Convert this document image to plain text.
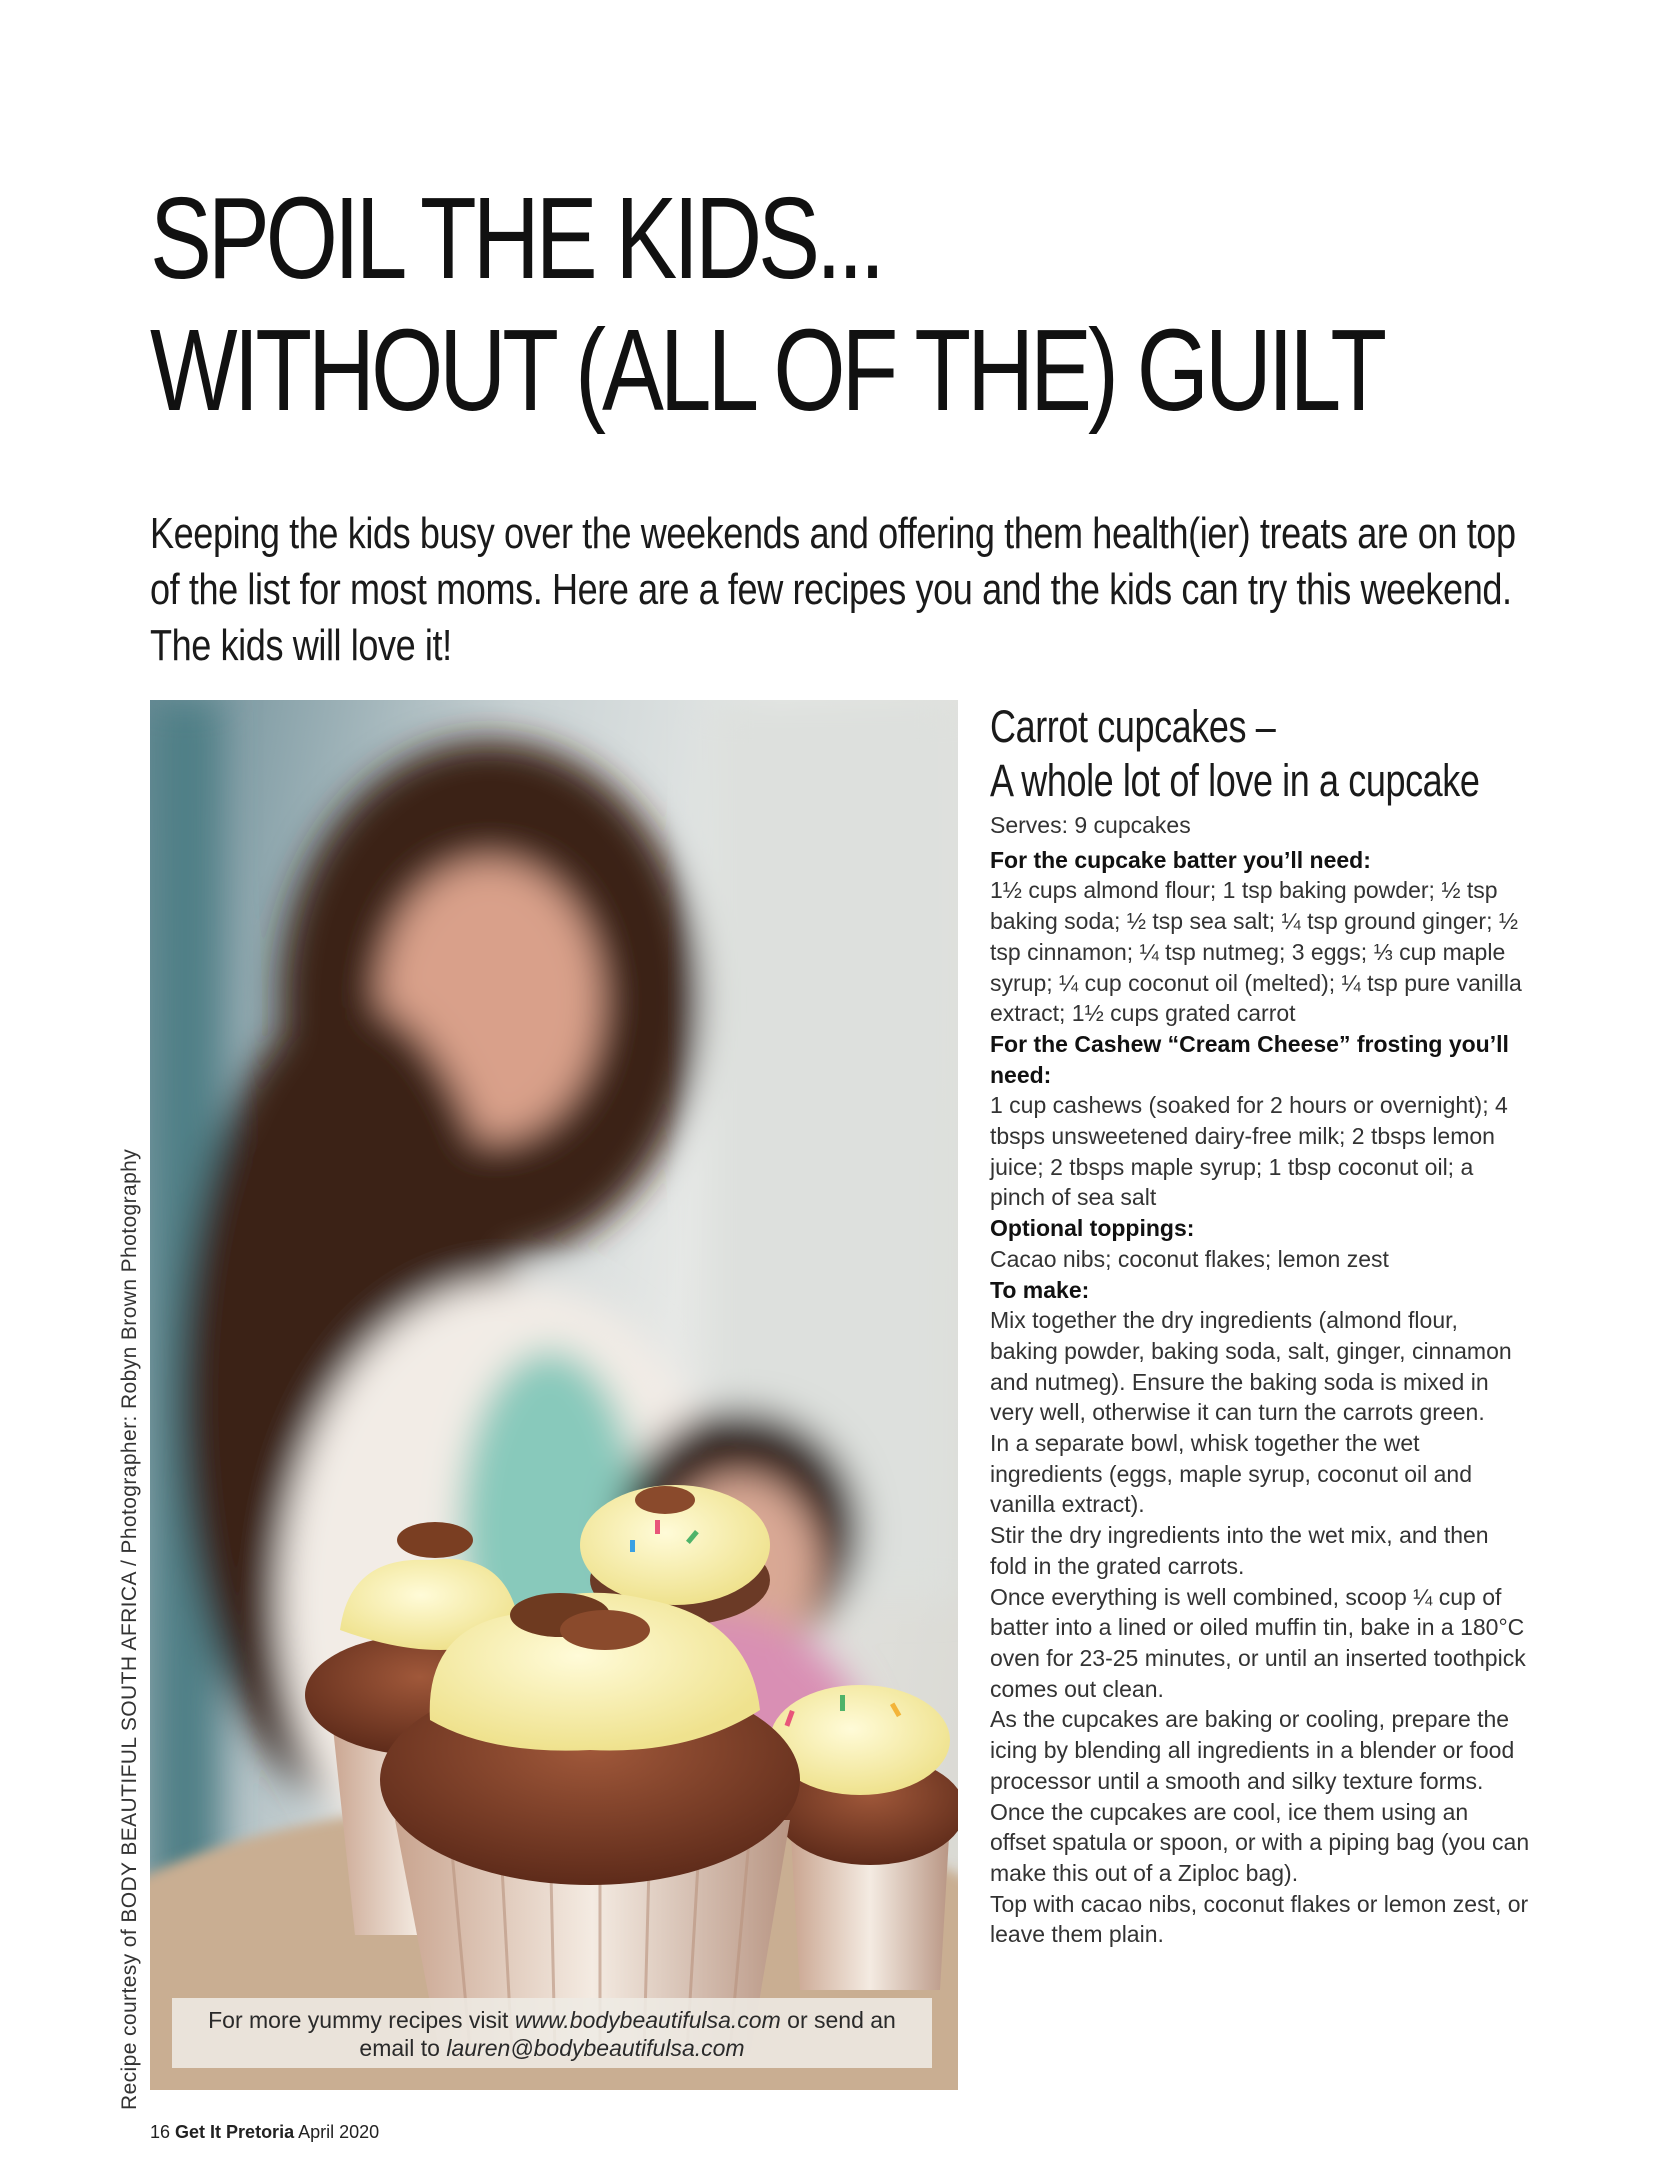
SPOIL THE KIDS...
WITHOUT (ALL OF THE) GUILT
Keeping the kids busy over the weekends and offering them health(ier) treats are on top
of the list for most moms. Here are a few recipes you and the kids can try this weekend.
The kids will love it!
Recipe courtesy of BODY BEAUTIFUL SOUTH AFRICA / Photographer: Robyn Brown Photography	For more yummy recipes visit www.bodybeautifulsa.com or send an
email to lauren@bodybeautifulsa.com
Carrot cupcakes –
A whole lot of love in a cupcake
Serves: 9 cupcakes
For the cupcake batter you’ll need:

1½ cups almond flour; 1 tsp baking powder; ½ tsp baking soda; ½ tsp sea salt; ¼ tsp ground ginger; ½ tsp cinnamon; ¼ tsp nutmeg; 3 eggs; ⅓ cup maple syrup; ¼ cup coconut oil (melted); ¼ tsp pure vanilla extract; 1½ cups grated carrot

For the Cashew “Cream Cheese” frosting you’ll need:

1 cup cashews (soaked for 2 hours or overnight); 4 tbsps unsweetened dairy-free milk; 2 tbsps lemon juice; 2 tbsps maple syrup; 1 tbsp coconut oil; a pinch of sea salt

Optional toppings:

Cacao nibs; coconut flakes; lemon zest

To make:

Mix together the dry ingredients (almond flour, baking powder, baking soda, salt, ginger, cinnamon and nutmeg). Ensure the baking soda is mixed in very well, otherwise it can turn the carrots green.

In a separate bowl, whisk together the wet ingredients (eggs, maple syrup, coconut oil and vanilla extract).

Stir the dry ingredients into the wet mix, and then fold in the grated carrots.

Once everything is well combined, scoop ¼ cup of batter into a lined or oiled muffin tin, bake in a 180°C oven for 23-25 minutes, or until an inserted toothpick comes out clean.

As the cupcakes are baking or cooling, prepare the icing by blending all ingredients in a blender or food processor until a smooth and silky texture forms.

Once the cupcakes are cool, ice them using an offset spatula or spoon, or with a piping bag (you can make this out of a Ziploc bag).

Top with cacao nibs, coconut flakes or lemon zest, or leave them plain.

16 Get It Pretoria April 2020
